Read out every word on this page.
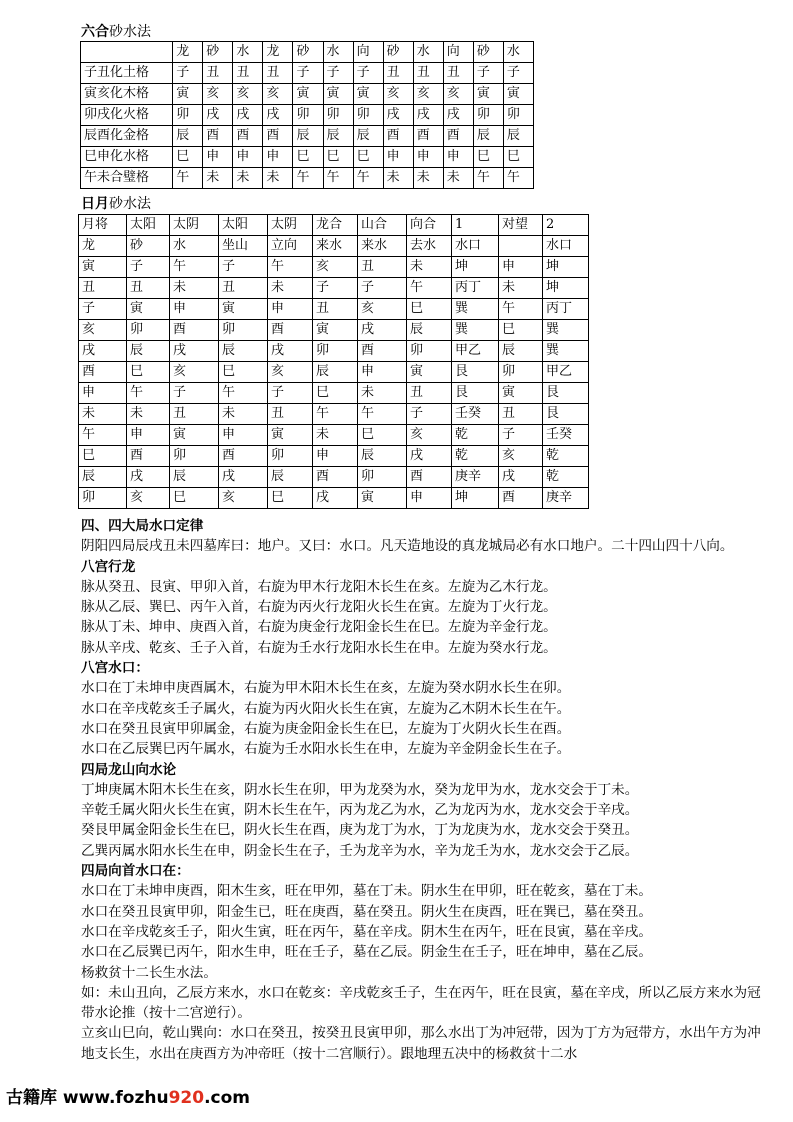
六合砂水法
	龙	砂	水	龙	砂	水	向	砂	水	向	砂	水
子丑化土格	子	丑	丑	丑	子	子	子	丑	丑	丑	子	子
寅亥化木格	寅	亥	亥	亥	寅	寅	寅	亥	亥	亥	寅	寅
卯戌化火格	卯	戌	戌	戌	卯	卯	卯	戌	戌	戌	卯	卯
辰酉化金格	辰	酉	酉	酉	辰	辰	辰	酉	酉	酉	辰	辰
巳申化水格	巳	申	申	申	巳	巳	巳	申	申	申	巳	巳
午未合璧格	午	未	未	未	午	午	午	未	未	未	午	午
日月砂水法
月将	太阳	太阴	太阳	太阴	龙合	山合	向合	1	对望	2
龙	砂	水	坐山	立向	来水	来水	去水	水口		水口
寅	子	午	子	午	亥	丑	未	坤	申	坤
丑	丑	未	丑	未	子	子	午	丙丁	未	坤
子	寅	申	寅	申	丑	亥	巳	巽	午	丙丁
亥	卯	酉	卯	酉	寅	戌	辰	巽	巳	巽
戌	辰	戌	辰	戌	卯	酉	卯	甲乙	辰	巽
酉	巳	亥	巳	亥	辰	申	寅	艮	卯	甲乙
申	午	子	午	子	巳	未	丑	艮	寅	艮
未	未	丑	未	丑	午	午	子	壬癸	丑	艮
午	申	寅	申	寅	未	巳	亥	乾	子	壬癸
巳	酉	卯	酉	卯	申	辰	戌	乾	亥	乾
辰	戌	辰	戌	辰	酉	卯	酉	庚辛	戌	乾
卯	亥	巳	亥	巳	戌	寅	申	坤	酉	庚辛
四、四大局水口定律

阴阳四局辰戌丑未四墓库曰：地户。又曰：水口。凡天造地设的真龙城局必有水口地户。二十四山四十八向。

八宫行龙

脉从癸丑、艮寅、甲卯入首，右旋为甲木行龙阳木长生在亥。左旋为乙木行龙。

脉从乙辰、巽巳、丙午入首，右旋为丙火行龙阳火长生在寅。左旋为丁火行龙。

脉从丁未、坤申、庚酉入首，右旋为庚金行龙阳金长生在巳。左旋为辛金行龙。

脉从辛戌、乾亥、壬子入首，右旋为壬水行龙阳水长生在申。左旋为癸水行龙。

八宫水口：

水口在丁未坤申庚酉属木，右旋为甲木阳木长生在亥，左旋为癸水阴水长生在卯。

水口在辛戌乾亥壬子属火，右旋为丙火阳火长生在寅，左旋为乙木阴木长生在午。

水口在癸丑艮寅甲卯属金，右旋为庚金阳金长生在巳，左旋为丁火阴火长生在酉。

水口在乙辰巽巳丙午属水，右旋为壬水阳水长生在申，左旋为辛金阴金长生在子。

四局龙山向水论

丁坤庚属木阳木长生在亥，阴水长生在卯，甲为龙癸为水，癸为龙甲为水，龙水交会于丁未。

辛乾壬属火阳火长生在寅，阴木长生在午，丙为龙乙为水，乙为龙丙为水，龙水交会于辛戌。

癸艮甲属金阳金长生在巳，阴火长生在酉，庚为龙丁为水，丁为龙庚为水，龙水交会于癸丑。

乙巽丙属水阳水长生在申，阴金长生在子，壬为龙辛为水，辛为龙壬为水，龙水交会于乙辰。

四局向首水口在：

水口在丁未坤申庚酉，阳木生亥，旺在甲夘，墓在丁未。阴水生在甲卯，旺在乾亥，墓在丁未。

水口在癸丑艮寅甲卯，阳金生已，旺在庚酉，墓在癸丑。阴火生在庚酉，旺在巽已，墓在癸丑。

水口在辛戌乾亥壬子，阳火生寅，旺在丙午，墓在辛戌。阴木生在丙午，旺在艮寅，墓在辛戌。

水口在乙辰巽已丙午，阳水生申，旺在壬子，墓在乙辰。阴金生在壬子，旺在坤申，墓在乙辰。

杨救贫十二长生水法。

如：未山丑向，乙辰方来水，水口在乾亥：辛戌乾亥壬子，生在丙午，旺在艮寅，墓在辛戌，所以乙辰方来水为冠带水论推（按十二宫逆行）。

立亥山巳向，乾山巽向：水口在癸丑，按癸丑艮寅甲卯，那么水出丁为冲冠带，因为丁方为冠带方，水出午方为冲地支长生，水出在庚酉方为冲帝旺（按十二宫顺行）。跟地理五决中的杨救贫十二水

古籍库 www.fozhu920.com
